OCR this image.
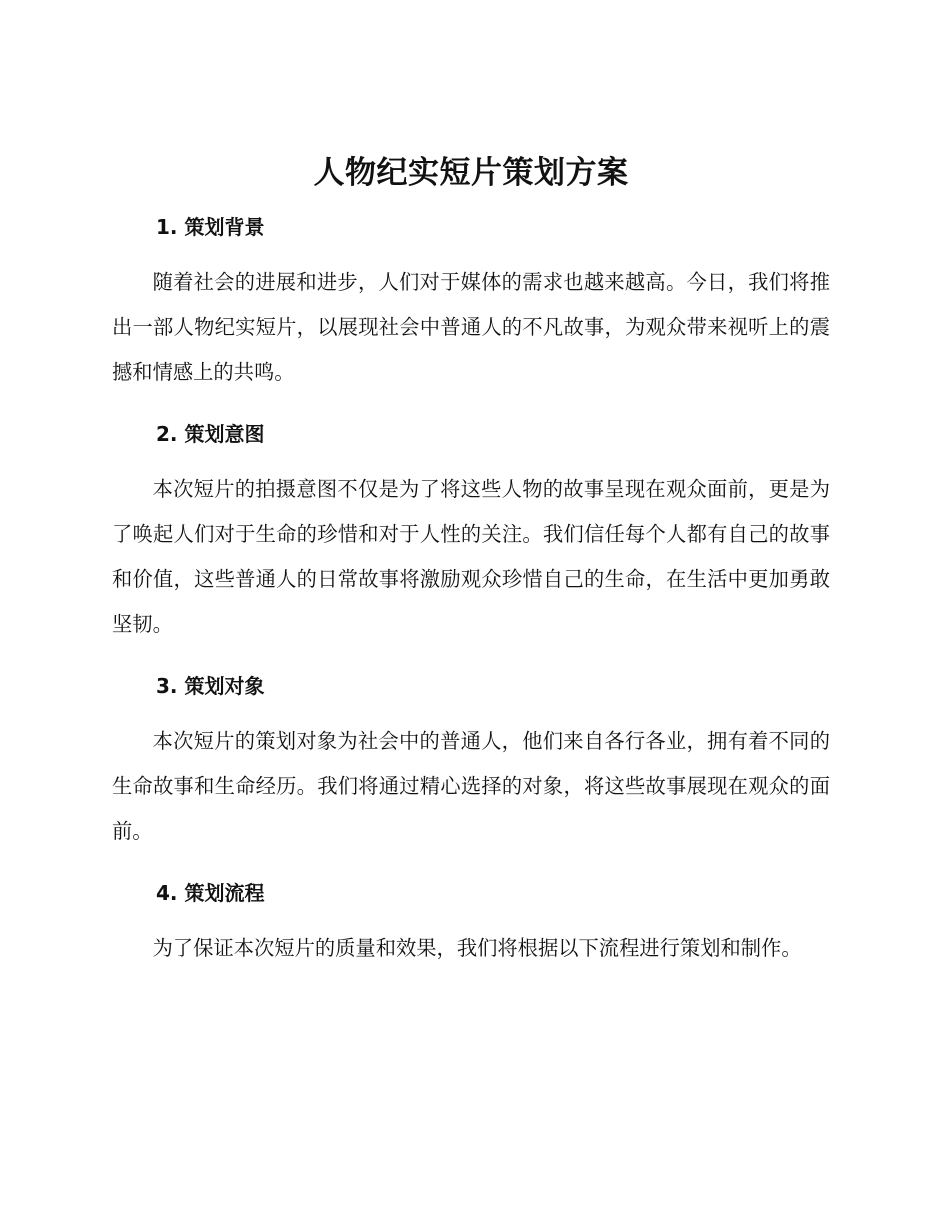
人物纪实短片策划方案
1. 策划背景

随着社会的进展和进步，人们对于媒体的需求也越来越高。今日，我们将推出一部人物纪实短片，以展现社会中普通人的不凡故事，为观众带来视听上的震撼和情感上的共鸣。

2. 策划意图

本次短片的拍摄意图不仅是为了将这些人物的故事呈现在观众面前，更是为了唤起人们对于生命的珍惜和对于人性的关注。我们信任每个人都有自己的故事和价值，这些普通人的日常故事将激励观众珍惜自己的生命，在生活中更加勇敢坚韧。

3. 策划对象

本次短片的策划对象为社会中的普通人，他们来自各行各业，拥有着不同的生命故事和生命经历。我们将通过精心选择的对象，将这些故事展现在观众的面前。

4. 策划流程

为了保证本次短片的质量和效果，我们将根据以下流程进行策划和制作。
